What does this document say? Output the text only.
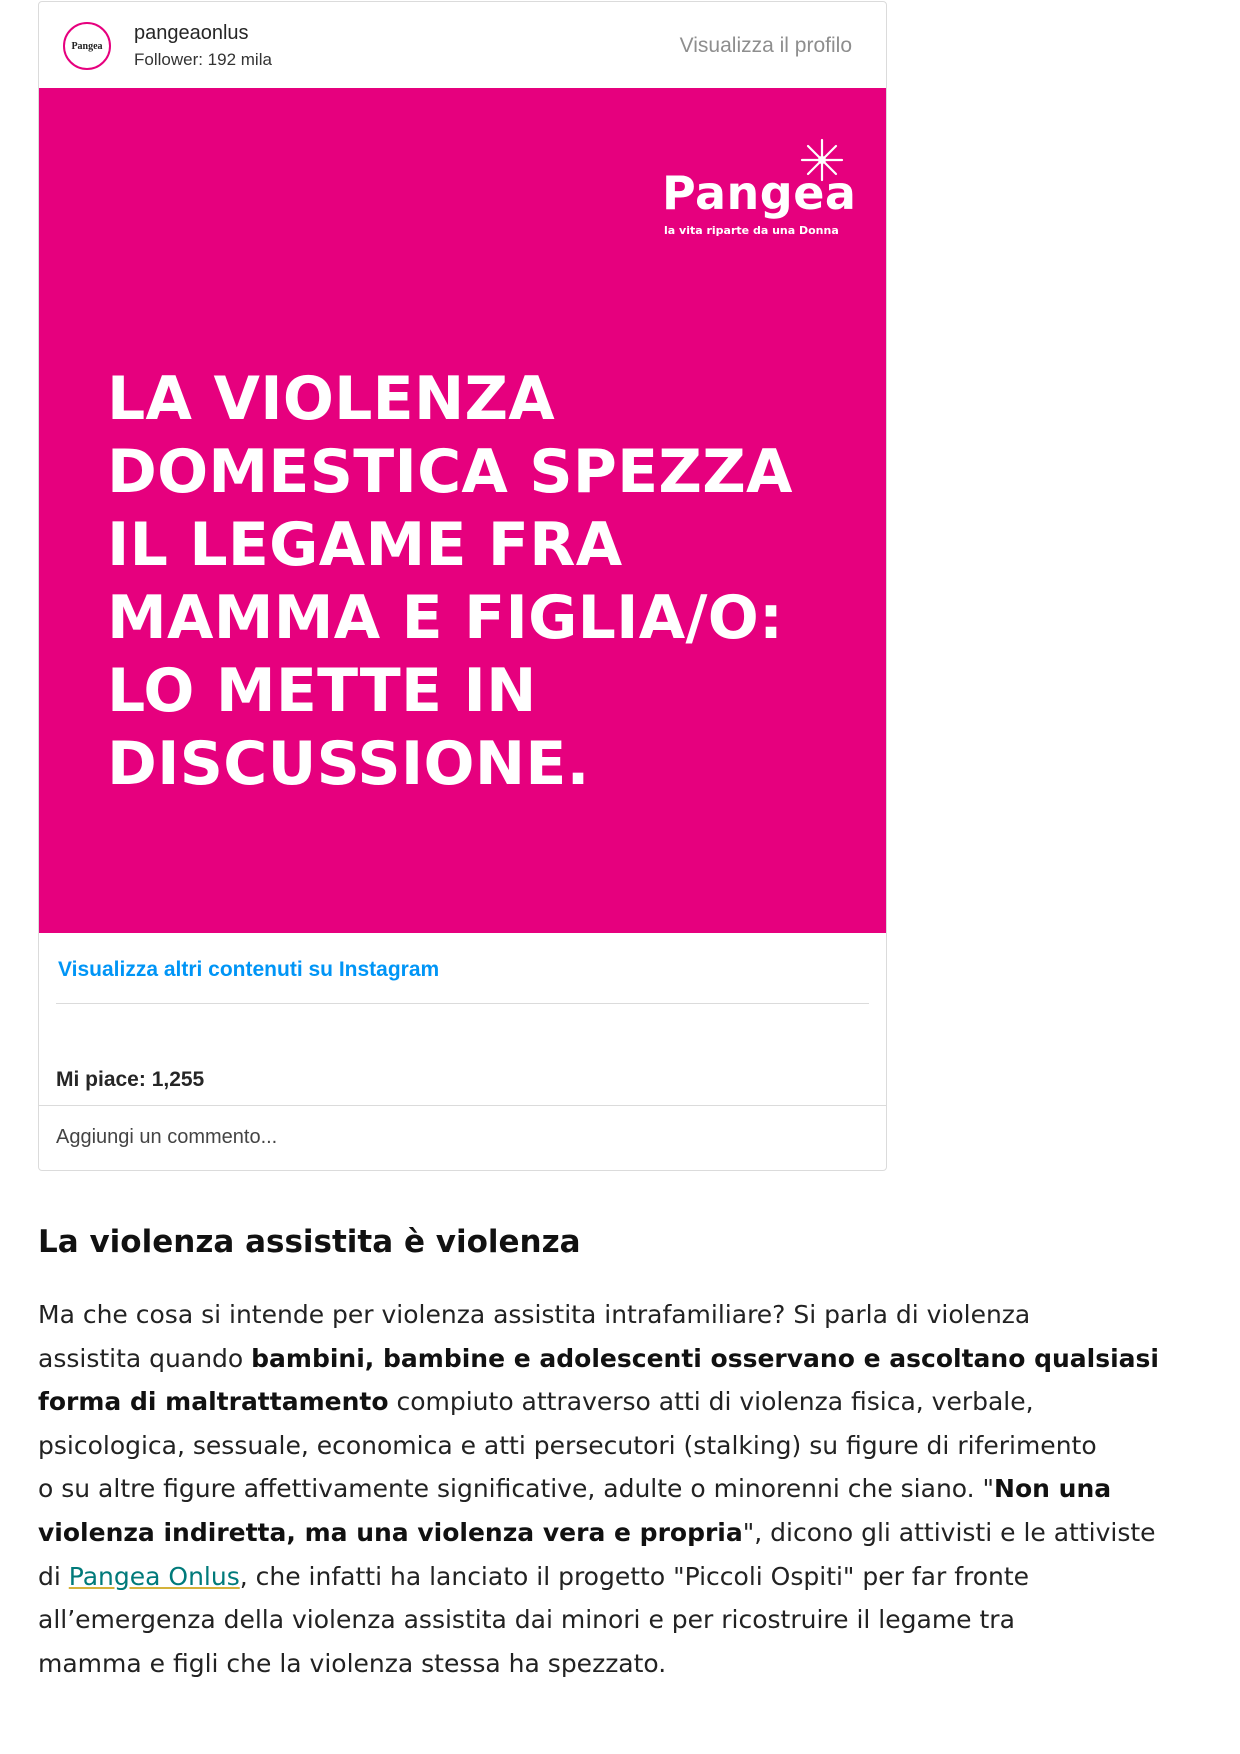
Pangea
pangeaonlus
Follower: 192 mila
Visualizza il profilo
Pangea
la vita riparte da una Donna
LA VIOLENZA
DOMESTICA SPEZZA
IL LEGAME FRA
MAMMA E FIGLIA/O:
LO METTE IN
DISCUSSIONE.
Visualizza altri contenuti su Instagram
Mi piace: 1,255
Aggiungi un commento...
La violenza assistita è violenza
Ma che cosa si intende per violenza assistita intrafamiliare? Si parla di violenza
assistita quando bambini, bambine e adolescenti osservano e ascoltano qualsiasi
forma di maltrattamento compiuto attraverso atti di violenza fisica, verbale,
psicologica, sessuale, economica e atti persecutori (stalking) su figure di riferimento
o su altre figure affettivamente significative, adulte o minorenni che siano. "Non una
violenza indiretta, ma una violenza vera e propria", dicono gli attivisti e le attiviste
di Pangea Onlus, che infatti ha lanciato il progetto "Piccoli Ospiti" per far fronte
all’emergenza della violenza assistita dai minori e per ricostruire il legame tra
mamma e figli che la violenza stessa ha spezzato.
